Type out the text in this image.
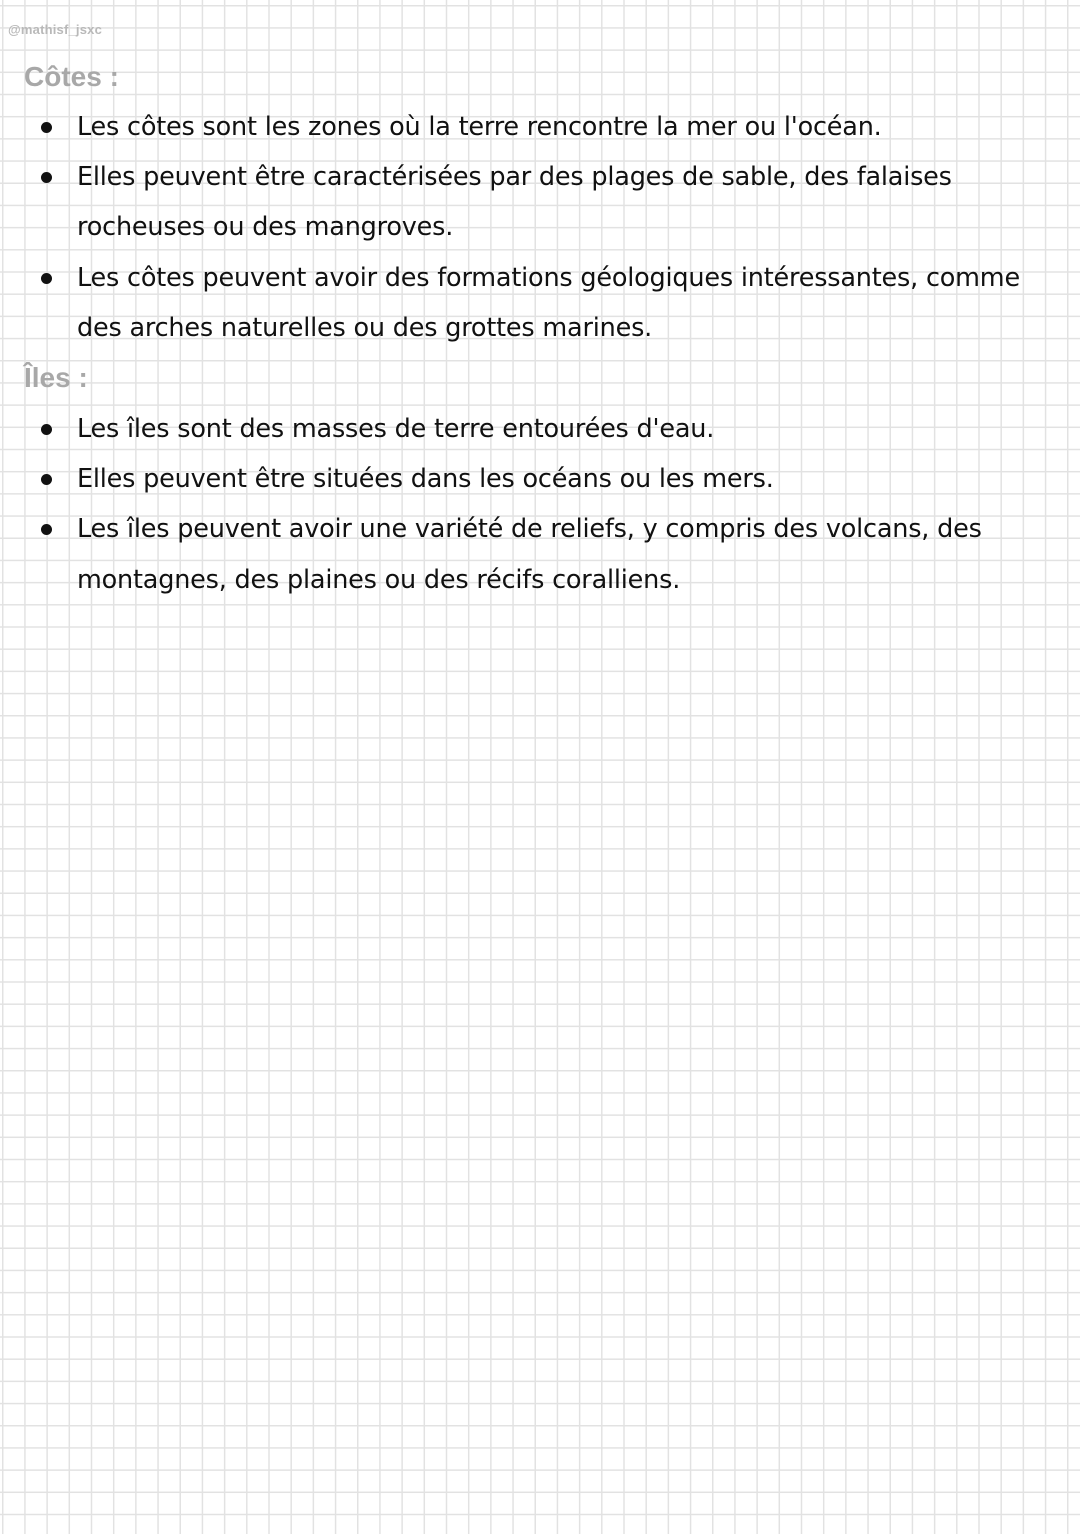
@mathisf_jsxc
Côtes :
Les côtes sont les zones où la terre rencontre la mer ou l'océan.
Elles peuvent être caractérisées par des plages de sable, des falaises rocheuses ou des mangroves.
Les côtes peuvent avoir des formations géologiques intéressantes, comme des arches naturelles ou des grottes marines.
Îles :
Les îles sont des masses de terre entourées d'eau.
Elles peuvent être situées dans les océans ou les mers.
Les îles peuvent avoir une variété de reliefs, y compris des volcans, des montagnes, des plaines ou des récifs coralliens.
